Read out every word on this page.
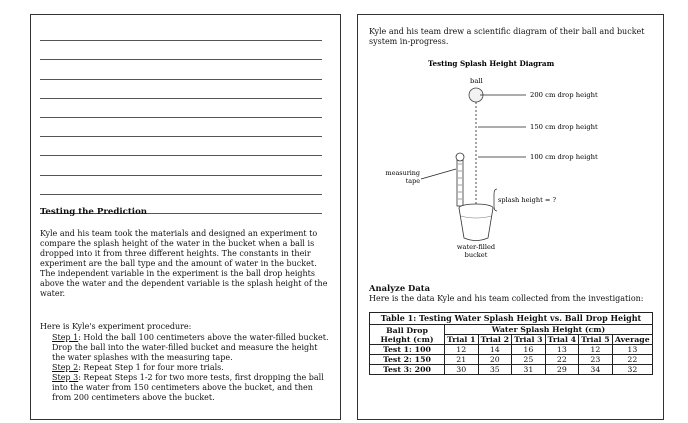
Testing the Prediction
Kyle and his team took the materials and designed an experiment to compare the splash height of the water in the bucket when a ball is dropped into it from three different heights. The constants in their experiment are the ball type and the amount of water in the bucket. The independent variable in the experiment is the ball drop heights above the water and the dependent variable is the splash height of the water.
Here is Kyle's experiment procedure:
Step 1: Hold the ball 100 centimeters above the water-filled bucket. Drop the ball into the water-filled bucket and measure the height the water splashes with the measuring tape.
Step 2: Repeat Step 1 for four more trials.
Step 3: Repeat Steps 1-2 for two more tests, first dropping the ball into the water from 150 centimeters above the bucket, and then from 200 centimeters above the bucket.
Kyle and his team drew a scientific diagram of their ball and bucket system in-progress.
Testing Splash Height Diagram
ball
200 cm drop height
150 cm drop height
100 cm drop height
measuring
tape
splash height = ?
water-filled
bucket
Analyze Data
Here is the data Kyle and his team collected from the investigation:
Table 1: Testing Water Splash Height vs. Ball Drop Height						
Ball Drop Height (cm)	Water Splash Height (cm)					
	Trial 1	Trial 2	Trial 3	Trial 4	Trial 5	Average
Test 1: 100	12	14	16	13	12	13
Test 2: 150	21	20	25	22	23	22
Test 3: 200	30	35	31	29	34	32
